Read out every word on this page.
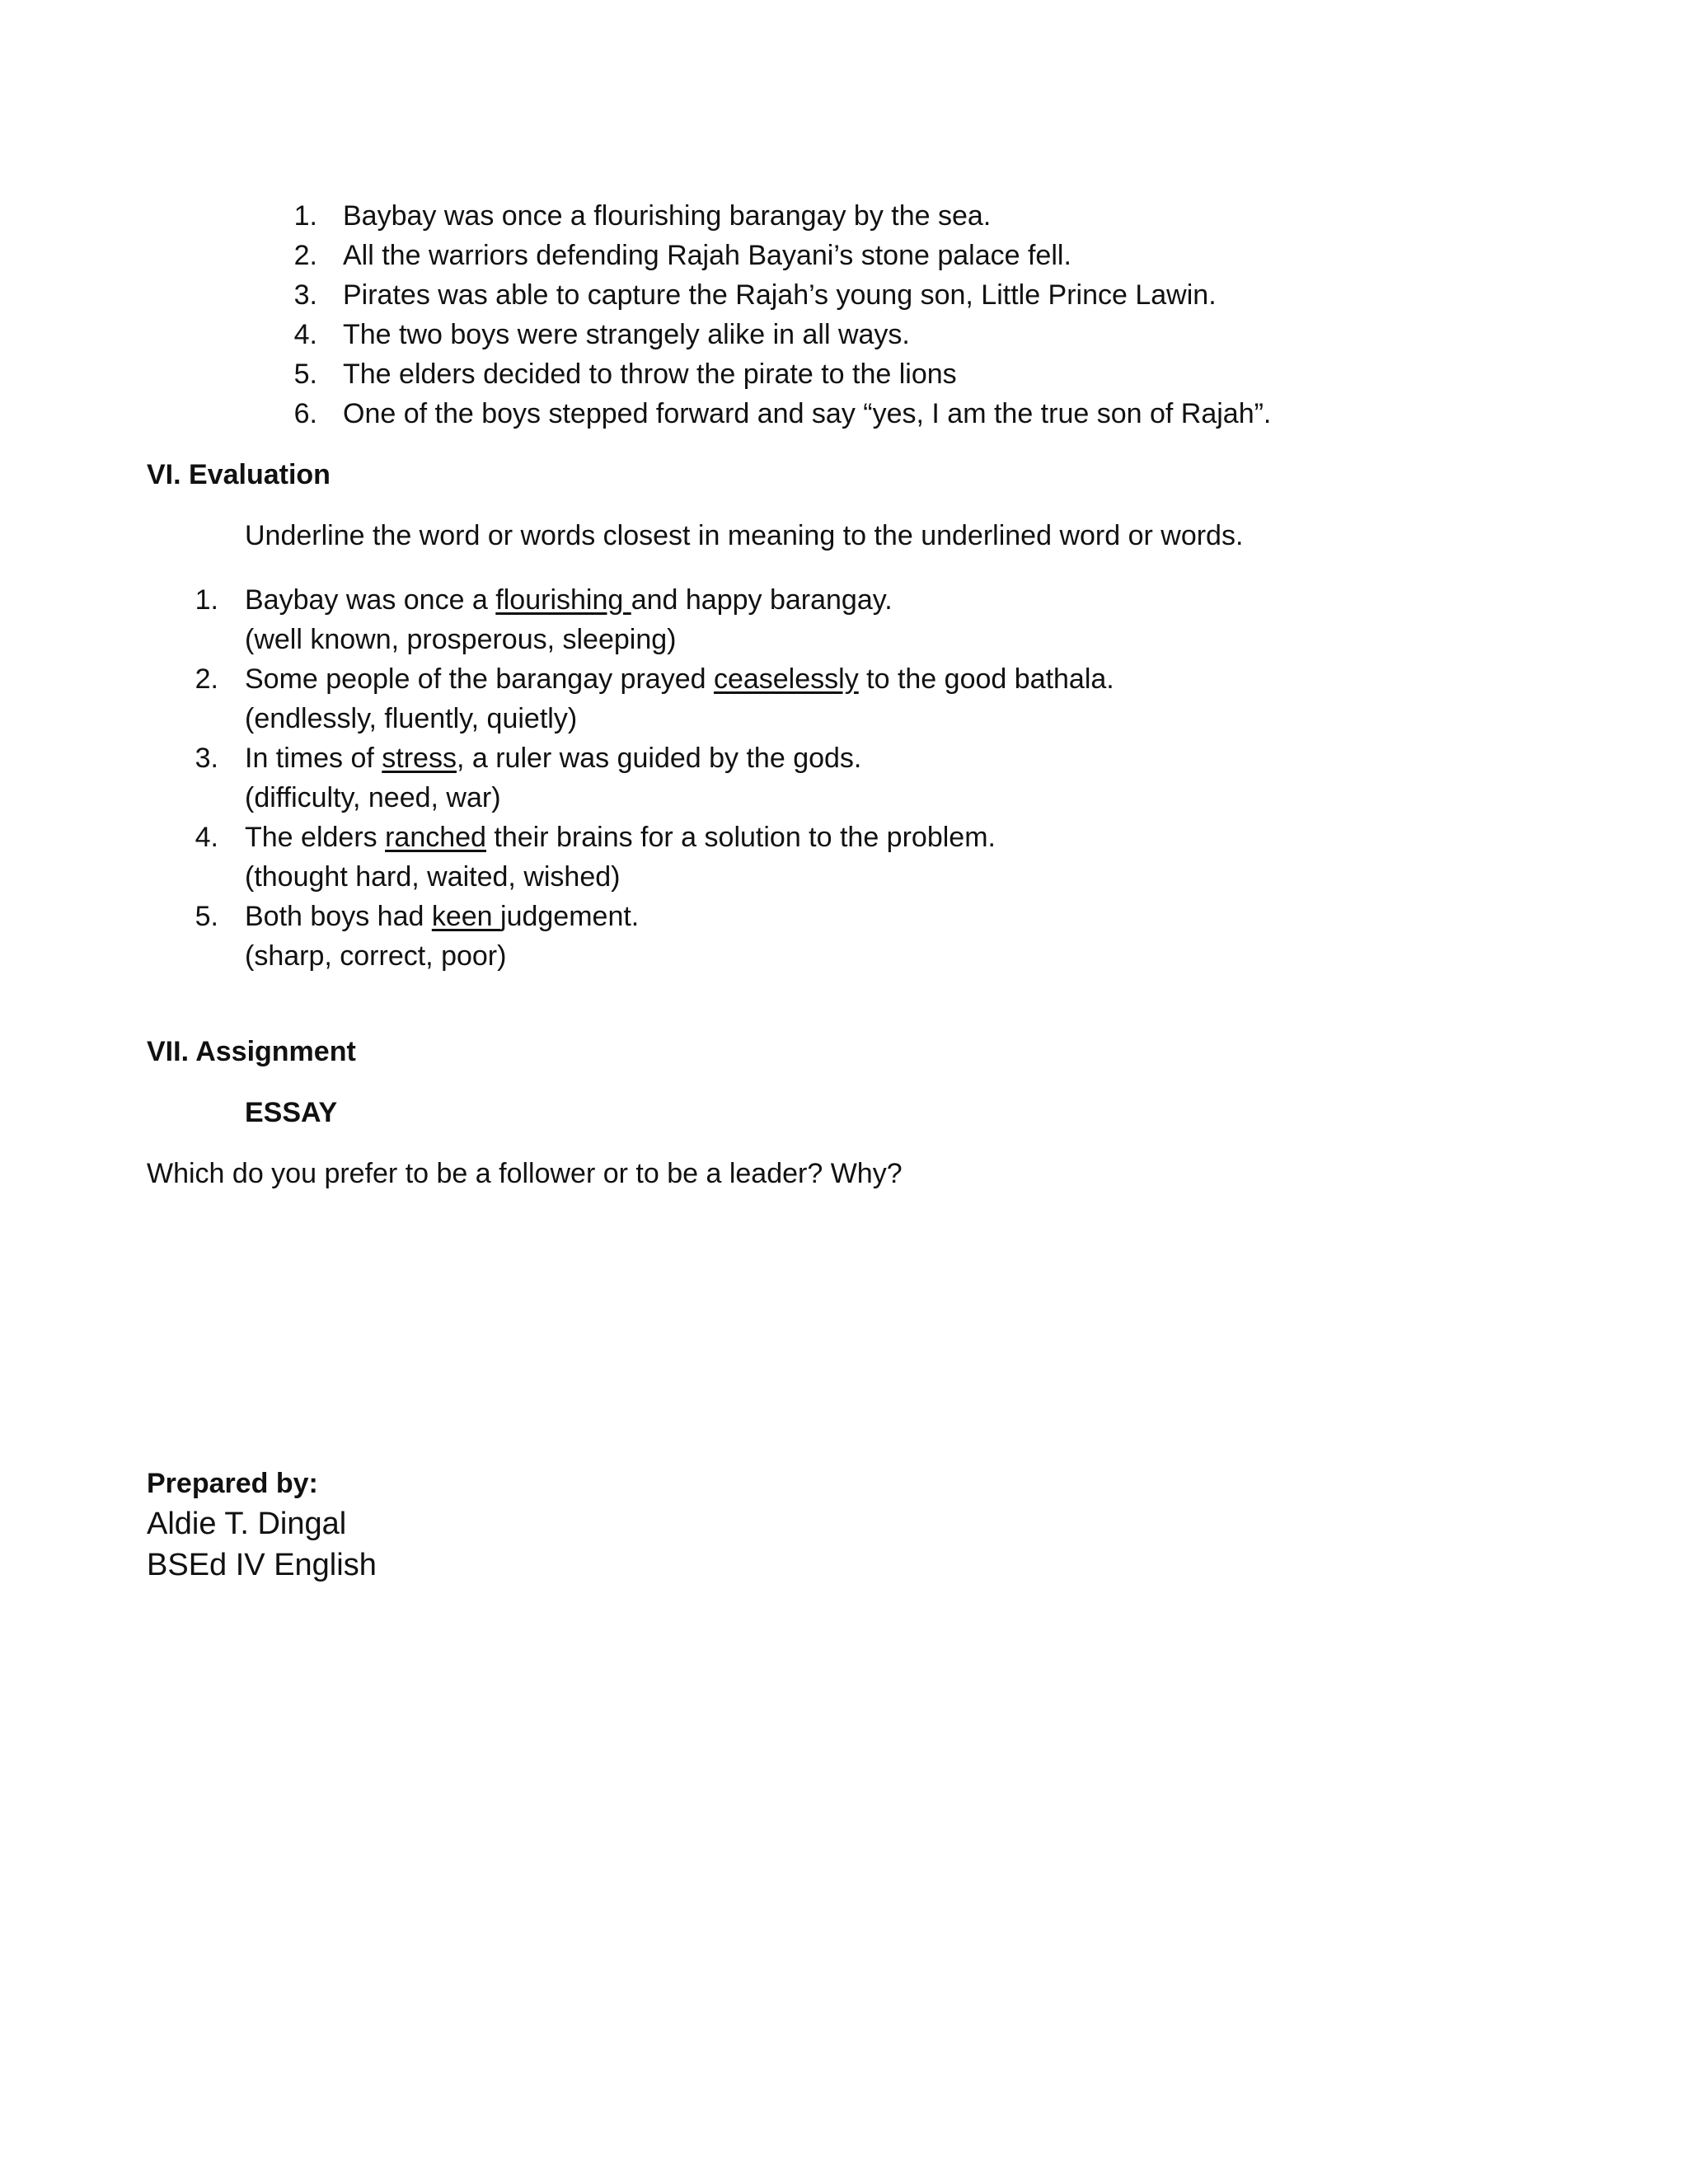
1. Baybay was once a flourishing barangay by the sea.
2. All the warriors defending Rajah Bayani’s stone palace fell.
3. Pirates was able to capture the Rajah’s young son, Little Prince Lawin.
4. The two boys were strangely alike in all ways.
5. The elders decided to throw the pirate to the lions
6. One of the boys stepped forward and say “yes, I am the true son of Rajah”.
VI. Evaluation
Underline the word or words closest in meaning to the underlined word or words.
1. Baybay was once a flourishing and happy barangay.
(well known, prosperous, sleeping)
2. Some people of the barangay prayed ceaselessly to the good bathala.
(endlessly, fluently, quietly)
3. In times of stress, a ruler was guided by the gods.
(difficulty, need, war)
4. The elders ranched their brains for a solution to the problem.
(thought hard, waited, wished)
5. Both boys had keen judgement.
(sharp, correct, poor)
VII. Assignment
ESSAY
Which do you prefer to be a follower or to be a leader? Why?
Prepared by:
Aldie T. Dingal
BSEd IV English
